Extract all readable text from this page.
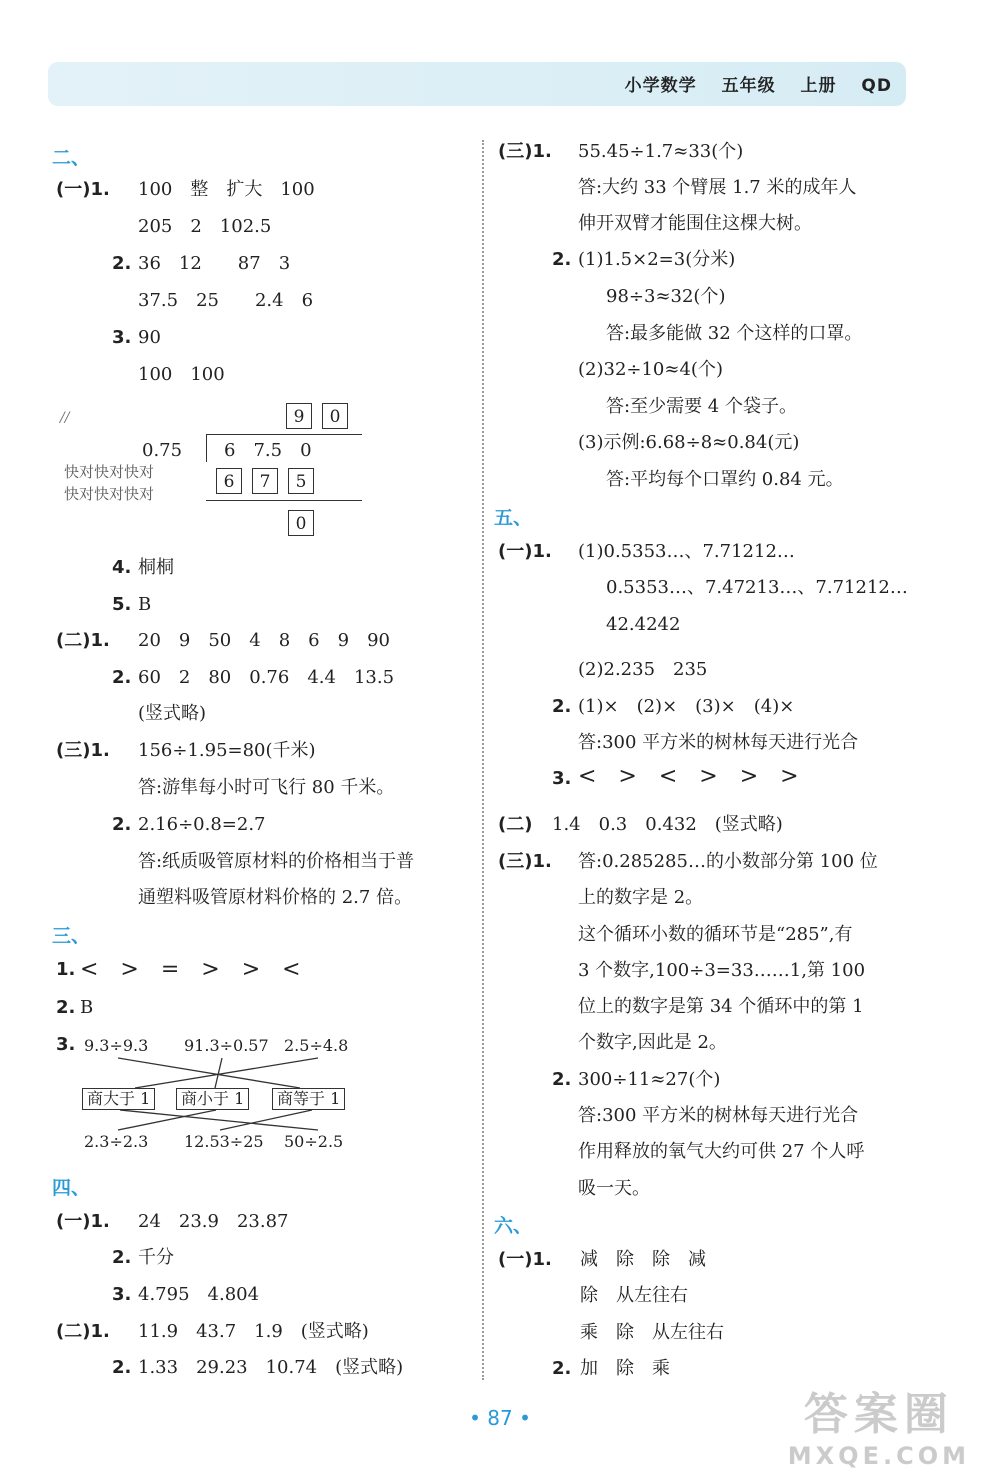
小学数学 五年级 上册 QD
二、
(一)1. 100　整　扩大　100
205　2　102.5
2. 36　12　　87　3
37.5　25　　2.4　6
3. 90
100　100
//	9	0
0.75 6　7.5　0
快对快对快对
快对快对快对
6	7	5
0
4. 桐桐
5. B
(二)1. 20　9　50　4　8　6　9　90
2. 60　2　80　0.76　4.4　13.5
(竖式略)
(三)1. 156÷1.95=80(千米)
答:游隼每小时可飞行 80 千米。
2. 2.16÷0.8=2.7
答:纸质吸管原材料的价格相当于普
通塑料吸管原材料价格的 2.7 倍。
三、
1. <　>　=　>　>　<
2. B
3. 9.3÷9.3 91.3÷0.57 2.5÷4.8
商大于 1	商小于 1	商等于 1
2.3÷2.3 12.53÷25 50÷2.5
四、
(一)1. 24　23.9　23.87
2. 千分
3. 4.795　4.804
(二)1. 11.9　43.7　1.9　(竖式略)
2. 1.33　29.23　10.74　(竖式略)
(三)1. 55.45÷1.7≈33(个)
答:大约 33 个臂展 1.7 米的成年人
伸开双臂才能围住这棵大树。
2. (1)1.5×2=3(分米)
98÷3≈32(个)
答:最多能做 32 个这样的口罩。
(2)32÷10≈4(个)
答:至少需要 4 个袋子。
(3)示例:6.68÷8≈0.84(元)
答:平均每个口罩约 0.84 元。
五、
(一)1. (1)0.5353…、7.71212…
0.5353…、7.47213…、7.71212…
42.4242
(2)2.235　235
2. (1)×　(2)×　(3)×　(4)×
答:300 平方米的树林每天进行光合
3. <　>　<　>　>　>
(二) 1.4　0.3　0.432　(竖式略)
(三)1. 答:0.285285…的小数部分第 100 位
上的数字是 2。
这个循环小数的循环节是“285”,有
3 个数字,100÷3=33……1,第 100
位上的数字是第 34 个循环中的第 1
个数字,因此是 2。
2. 300÷11≈27(个)
答:300 平方米的树林每天进行光合
作用释放的氧气大约可供 27 个人呼
吸一天。
六、
(一)1. 减　除　除　减
除　从左往右
乘　除　从左往右
2. 加　除　乘
• 87 •	答案圈
MXQE.COM
